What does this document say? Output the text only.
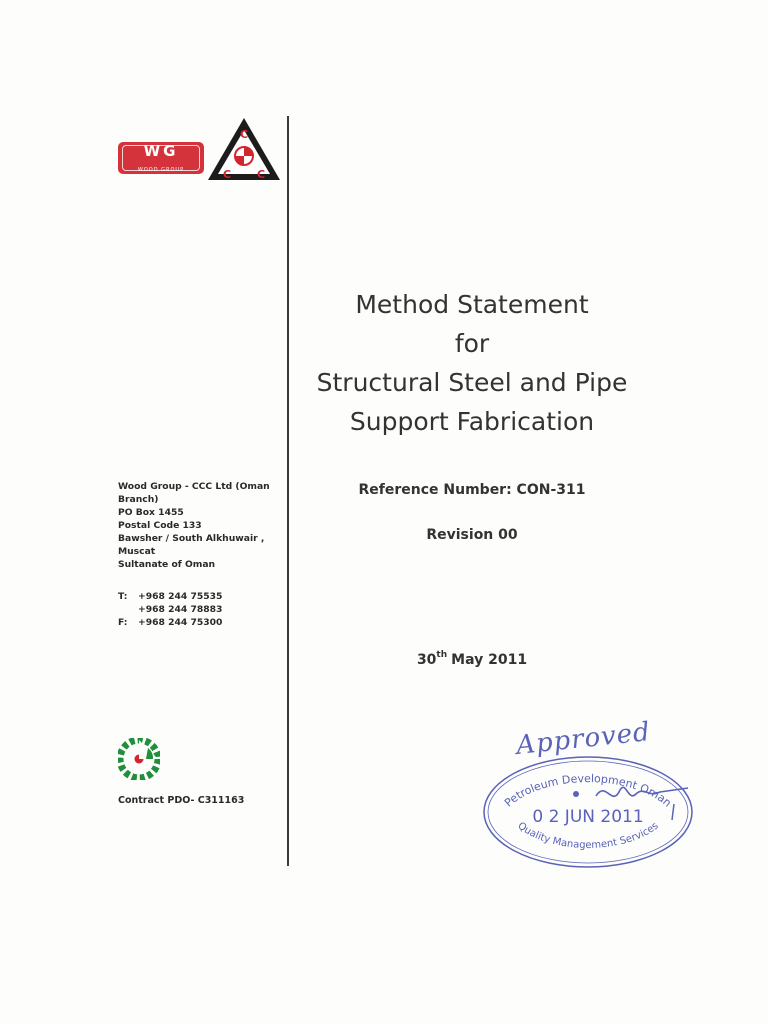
WG
WOOD GROUP
C
C C
Method Statement
for
Structural Steel and Pipe
Support Fabrication
Reference Number: CON-311
Revision 00
30th May 2011
Wood Group - CCC Ltd (Oman Branch)
PO Box 1455
Postal Code 133
Bawsher / South Alkhuwair ,
Muscat
Sultanate of Oman
T:	+968 244 75535
+968 244 78883
F:	+968 244 75300
Contract PDO- C311163
Approved
Petroleum Development Oman
Quality Management Services
0 2 JUN 2011
